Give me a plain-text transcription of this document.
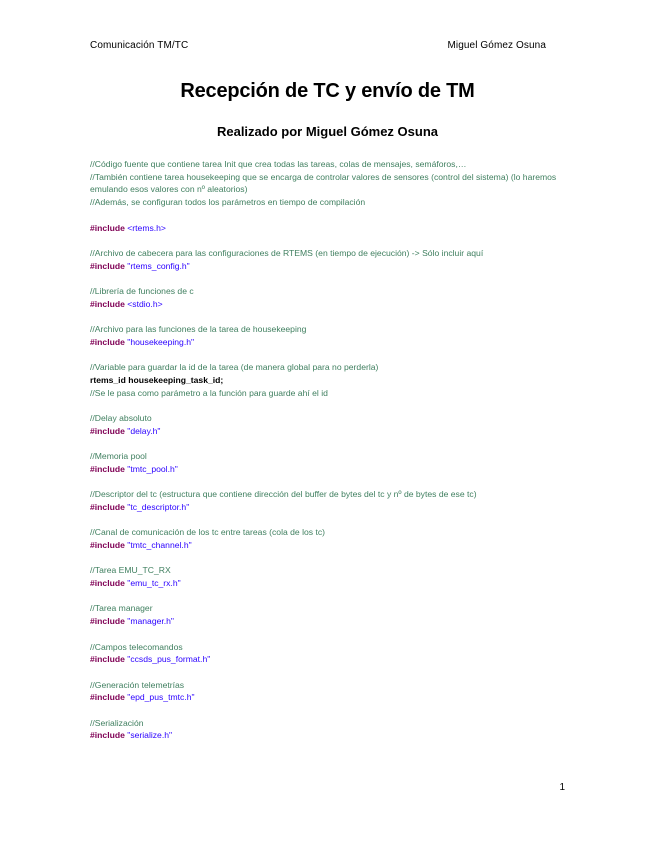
Comunicación TM/TC	Miguel Gómez Osuna
Recepción de TC y envío de TM
Realizado por Miguel Gómez Osuna
//Código fuente que contiene tarea Init que crea todas las tareas, colas de mensajes, semáforos,…
//También contiene tarea housekeeping que se encarga de controlar valores de sensores (control del sistema) (lo haremos emulando esos valores con nº aleatorios)
//Además, se configuran todos los parámetros en tiempo de compilación
#include <rtems.h>
//Archivo de cabecera para las configuraciones de RTEMS (en tiempo de ejecución) -> Sólo incluir aquí
#include "rtems_config.h"
//Librería de funciones de c
#include <stdio.h>
//Archivo para las funciones de la tarea de housekeeping
#include "housekeeping.h"
//Variable para guardar la id de la tarea (de manera global para no perderla)
rtems_id housekeeping_task_id;
//Se le pasa como parámetro a la función para guarde ahí el id
//Delay absoluto
#include "delay.h"
//Memoria pool
#include "tmtc_pool.h"
//Descriptor del tc (estructura que contiene dirección del buffer de bytes del tc y nº de bytes de ese tc)
#include "tc_descriptor.h"
//Canal de comunicación de los tc entre tareas (cola de los tc)
#include "tmtc_channel.h"
//Tarea EMU_TC_RX
#include "emu_tc_rx.h"
//Tarea manager
#include "manager.h"
//Campos telecomandos
#include "ccsds_pus_format.h"
//Generación telemetrías
#include "epd_pus_tmtc.h"
//Serialización
#include "serialize.h"
1
